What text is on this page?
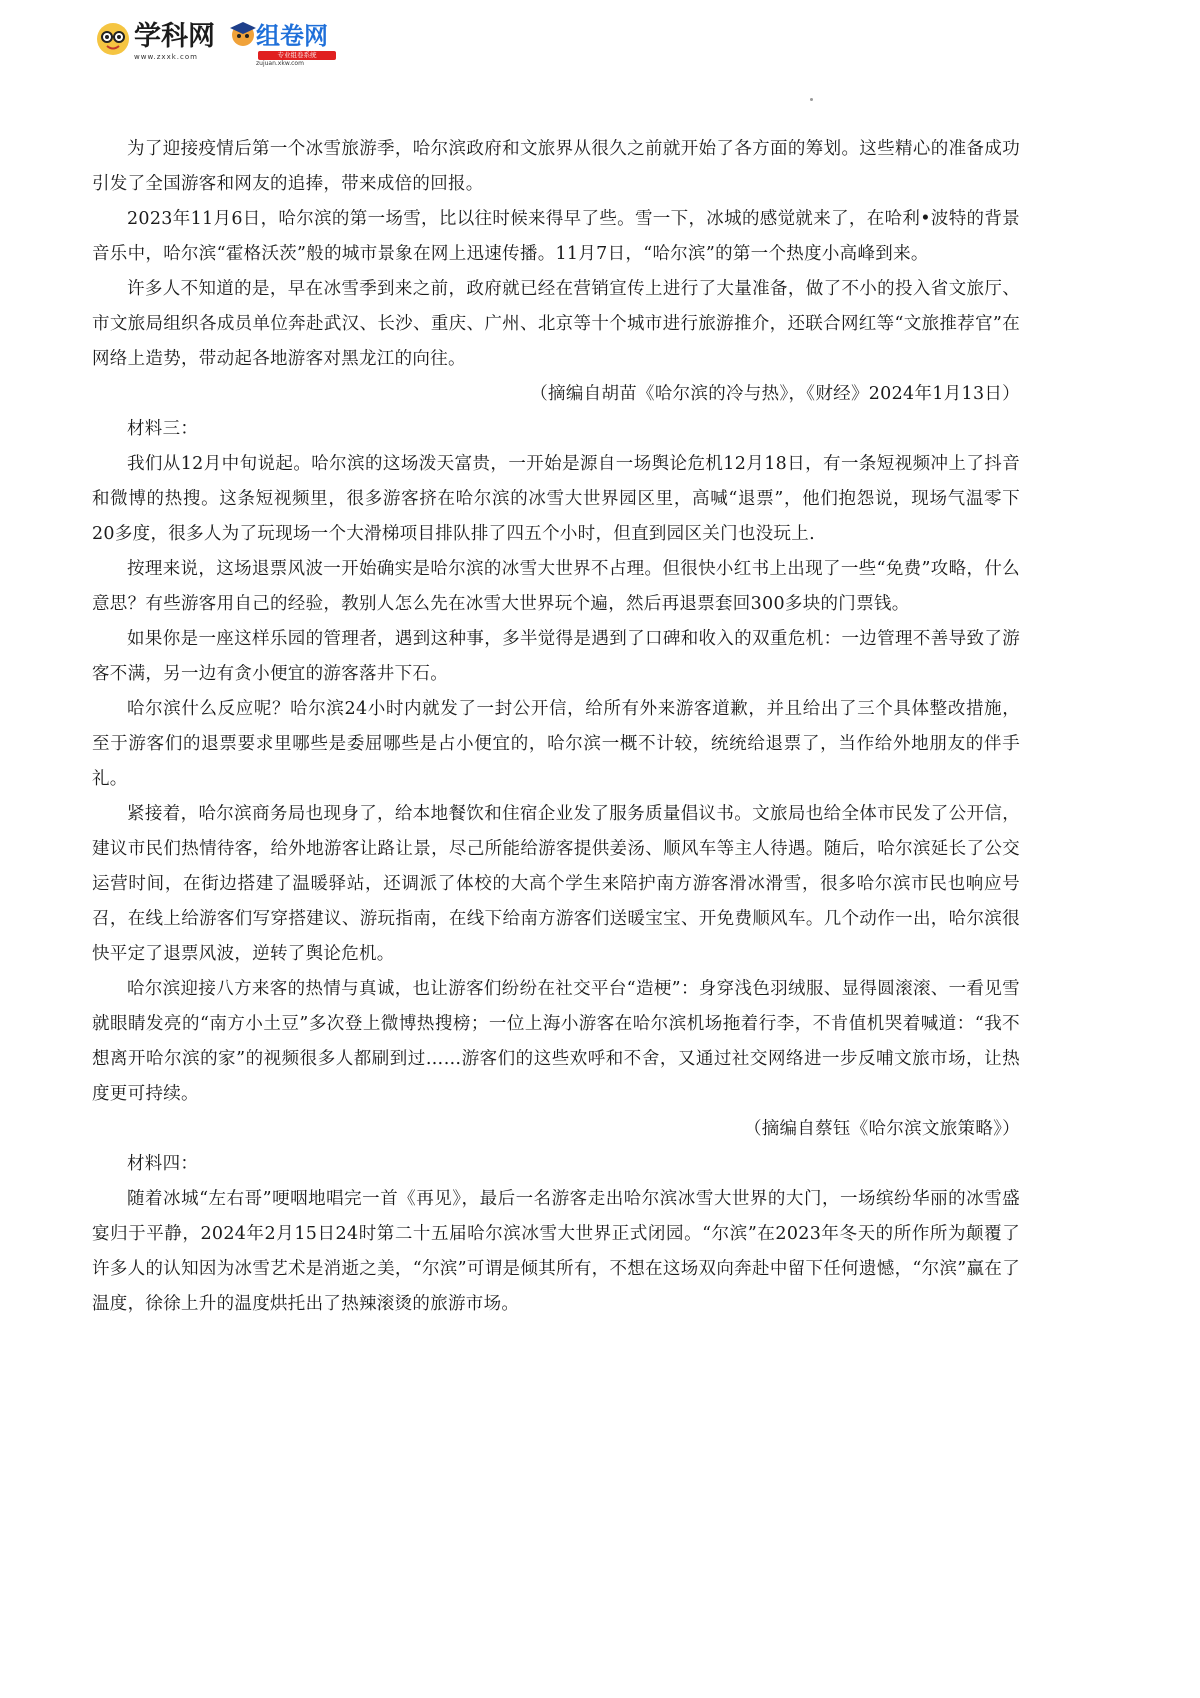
学科网
www.zxxk.com
组卷网
专业组卷系统
zujuan.xkw.com

为了迎接疫情后第一个冰雪旅游季，哈尔滨政府和文旅界从很久之前就开始了各方面的筹划。这些精心的准备成功引发了全国游客和网友的追捧，带来成倍的回报。

2023年11月6日，哈尔滨的第一场雪，比以往时候来得早了些。雪一下，冰城的感觉就来了，在哈利•波特的背景音乐中，哈尔滨“霍格沃茨”般的城市景象在网上迅速传播。11月7日，“哈尔滨”的第一个热度小高峰到来。

许多人不知道的是，早在冰雪季到来之前，政府就已经在营销宣传上进行了大量准备，做了不小的投入省文旅厅、市文旅局组织各成员单位奔赴武汉、长沙、重庆、广州、北京等十个城市进行旅游推介，还联合网红等“文旅推荐官”在网络上造势，带动起各地游客对黑龙江的向往。

（摘编自胡苗《哈尔滨的冷与热》，《财经》2024年1月13日）

材料三：

我们从12月中旬说起。哈尔滨的这场泼天富贵，一开始是源自一场舆论危机12月18日，有一条短视频冲上了抖音和微博的热搜。这条短视频里，很多游客挤在哈尔滨的冰雪大世界园区里，高喊“退票”，他们抱怨说，现场气温零下20多度，很多人为了玩现场一个大滑梯项目排队排了四五个小时，但直到园区关门也没玩上.

按理来说，这场退票风波一开始确实是哈尔滨的冰雪大世界不占理。但很快小红书上出现了一些“免费”攻略，什么意思？有些游客用自己的经验，教别人怎么先在冰雪大世界玩个遍，然后再退票套回300多块的门票钱。

如果你是一座这样乐园的管理者，遇到这种事，多半觉得是遇到了口碑和收入的双重危机：一边管理不善导致了游客不满，另一边有贪小便宜的游客落井下石。

哈尔滨什么反应呢？哈尔滨24小时内就发了一封公开信，给所有外来游客道歉，并且给出了三个具体整改措施，至于游客们的退票要求里哪些是委屈哪些是占小便宜的，哈尔滨一概不计较，统统给退票了，当作给外地朋友的伴手礼。

紧接着，哈尔滨商务局也现身了，给本地餐饮和住宿企业发了服务质量倡议书。文旅局也给全体市民发了公开信，建议市民们热情待客，给外地游客让路让景，尽己所能给游客提供姜汤、顺风车等主人待遇。随后，哈尔滨延长了公交运营时间，在街边搭建了温暖驿站，还调派了体校的大高个学生来陪护南方游客滑冰滑雪，很多哈尔滨市民也响应号召，在线上给游客们写穿搭建议、游玩指南，在线下给南方游客们送暖宝宝、开免费顺风车。几个动作一出，哈尔滨很快平定了退票风波，逆转了舆论危机。

哈尔滨迎接八方来客的热情与真诚，也让游客们纷纷在社交平台“造梗”：身穿浅色羽绒服、显得圆滚滚、一看见雪就眼睛发亮的“南方小土豆”多次登上微博热搜榜；一位上海小游客在哈尔滨机场拖着行李，不肯值机哭着喊道：“我不想离开哈尔滨的家”的视频很多人都刷到过……游客们的这些欢呼和不舍，又通过社交网络进一步反哺文旅市场，让热度更可持续。

（摘编自蔡钰《哈尔滨文旅策略》）

材料四：

随着冰城“左右哥”哽咽地唱完一首《再见》，最后一名游客走出哈尔滨冰雪大世界的大门，一场缤纷华丽的冰雪盛宴归于平静，2024年2月15日24时第二十五届哈尔滨冰雪大世界正式闭园。“尔滨”在2023年冬天的所作所为颠覆了许多人的认知因为冰雪艺术是消逝之美，“尔滨”可谓是倾其所有，不想在这场双向奔赴中留下任何遗憾，“尔滨”赢在了温度，徐徐上升的温度烘托出了热辣滚烫的旅游市场。
